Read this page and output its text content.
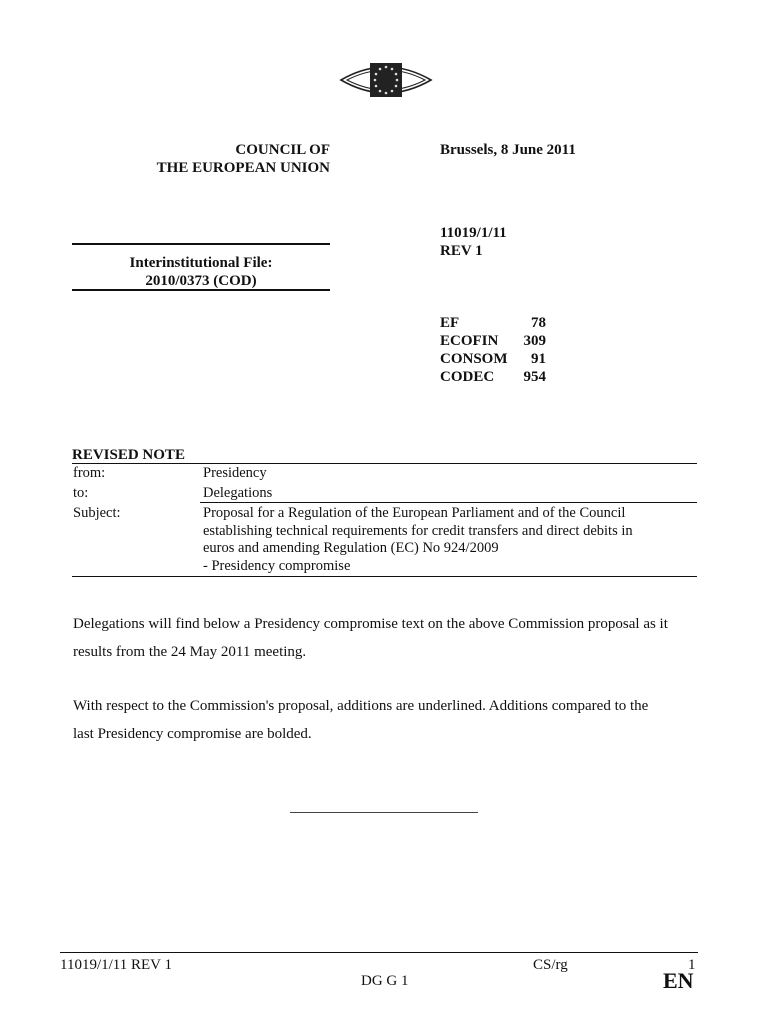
COUNCIL OF
THE EUROPEAN UNION
Brussels, 8 June 2011
11019/1/11
REV 1
Interinstitutional File:
2010/0373 (COD)
EF	78
ECOFIN	309
CONSOM	91
CODEC	954
REVISED NOTE
from:	Presidency
to:	Delegations
Subject:	Proposal for a Regulation of the European Parliament and of the Council
establishing technical requirements for credit transfers and direct debits in
euros and amending Regulation (EC) No 924/2009
- Presidency compromise
Delegations will find below a Presidency compromise text on the above Commission proposal as it
results from the 24 May 2011 meeting.
With respect to the Commission's proposal, additions are underlined. Additions compared to the
last Presidency compromise are bolded.
11019/1/11 REV 1	CS/rg	1
DG G 1	EN
